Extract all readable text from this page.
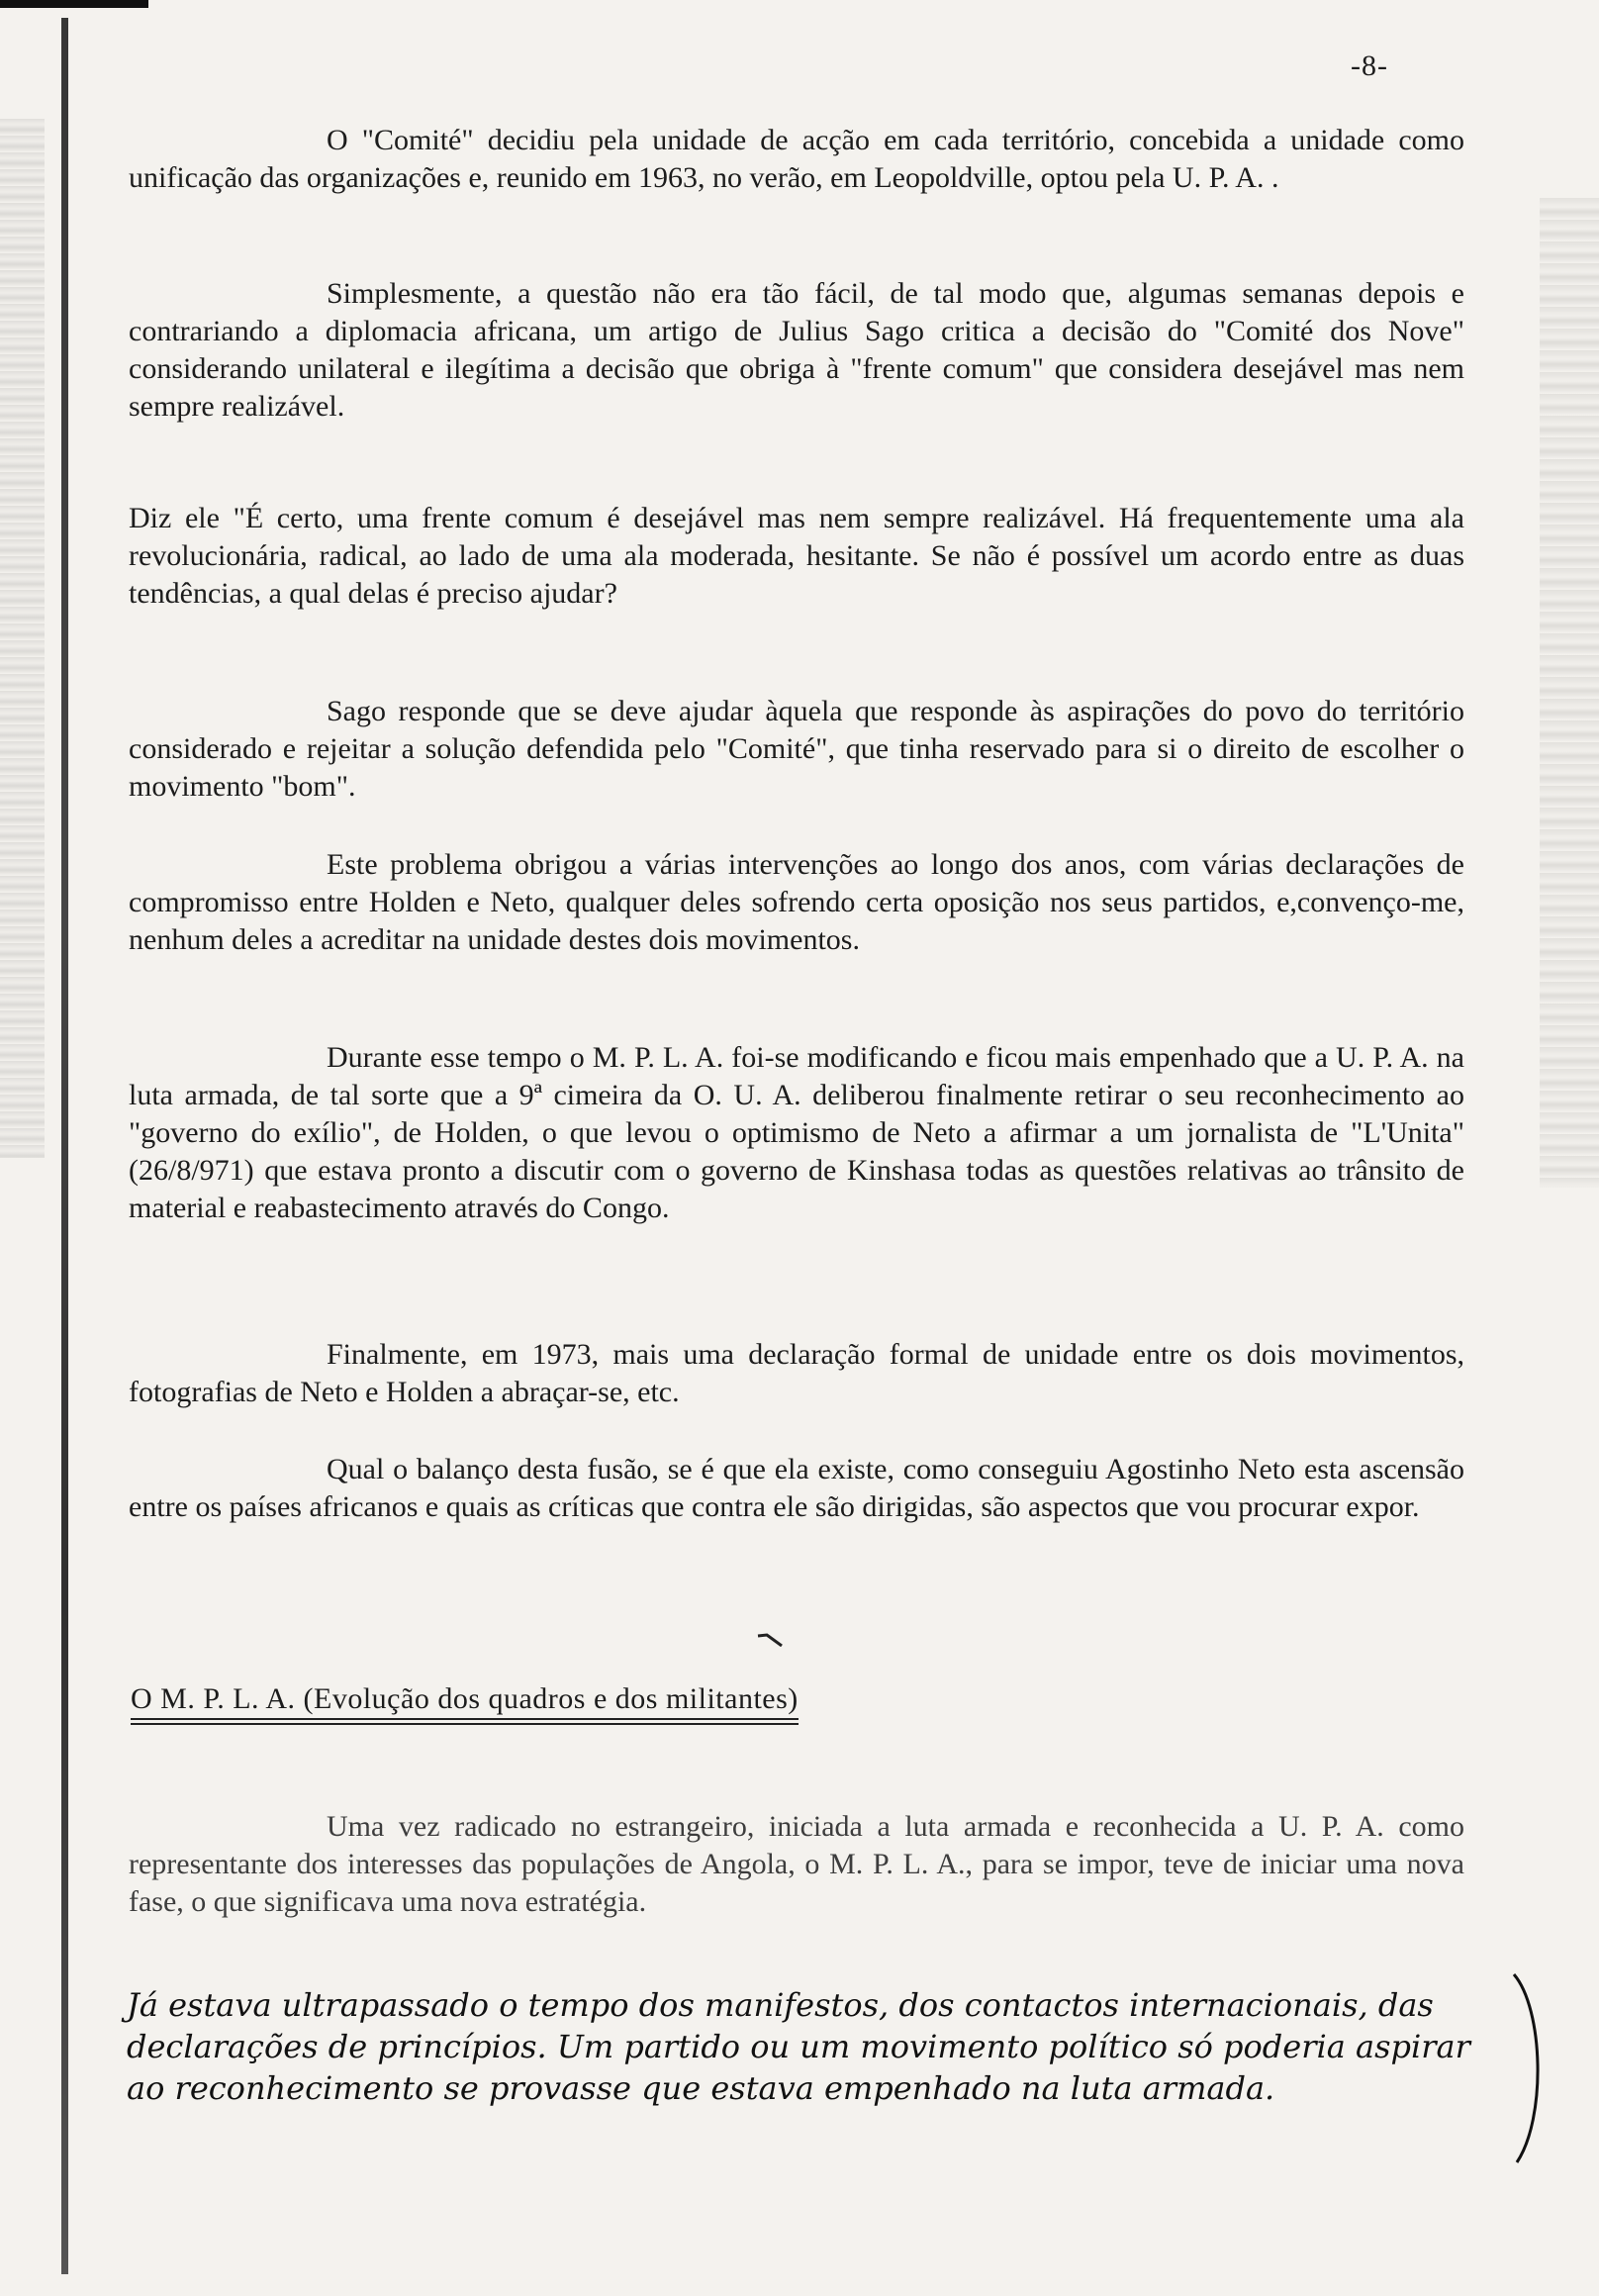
-8-

O "Comité" decidiu pela unidade de acção em cada território, concebida a unidade como unificação das organizações e, reunido em 1963, no verão, em Leopoldville, optou pela U. P. A. .

Simplesmente, a questão não era tão fácil, de tal modo que, algumas semanas depois e contrariando a diplomacia africana, um artigo de Julius Sago critica a decisão do "Comité dos Nove" considerando unilateral e ilegítima a decisão que obriga à "frente comum" que considera desejável mas nem sempre realizável.

Diz ele "É certo, uma frente comum é desejável mas nem sempre realizável. Há frequentemente uma ala revolucionária, radical, ao lado de uma ala moderada, hesitante. Se não é possível um acordo entre as duas tendências, a qual delas é preciso ajudar?

Sago responde que se deve ajudar àquela que responde às aspirações do povo do território considerado e rejeitar a solução defendida pelo "Comité", que tinha reservado para si o direito de escolher o movimento "bom".

Este problema obrigou a várias intervenções ao longo dos anos, com várias declarações de compromisso entre Holden e Neto, qualquer deles sofrendo certa oposição nos seus partidos, e,convenço-me, nenhum deles a acreditar na unidade destes dois movimentos.

Durante esse tempo o M. P. L. A. foi-se modificando e ficou mais empenhado que a U. P. A. na luta armada, de tal sorte que a 9ª cimeira da O. U. A. deliberou finalmente retirar o seu reconhecimento ao "governo do exílio", de Holden, o que levou o optimismo de Neto a afirmar a um jornalista de "L'Unita"(26/8/971) que estava pronto a discutir com o governo de Kinshasa todas as questões relativas ao trânsito de material e reabastecimento através do Congo.

Finalmente, em 1973, mais uma declaração formal de unidade entre os dois movimentos, fotografias de Neto e Holden a abraçar-se, etc.

Qual o balanço desta fusão, se é que ela existe, como conseguiu Agostinho Neto esta ascensão entre os países africanos e quais as críticas que contra ele são dirigidas, são aspectos que vou procurar expor.

O M. P. L. A. (Evolução dos quadros e dos militantes)

Uma vez radicado no estrangeiro, iniciada a luta armada e reconhecida a U. P. A. como representante dos interesses das populações de Angola, o M. P. L. A., para se impor, teve de iniciar uma nova fase, o que significava uma nova estratégia.

Já estava ultrapassado o tempo dos manifestos, dos contactos internacionais, das declarações de princípios. Um partido ou um movimento político só poderia aspirar ao reconhecimento se provasse que estava empenhado na luta armada.
